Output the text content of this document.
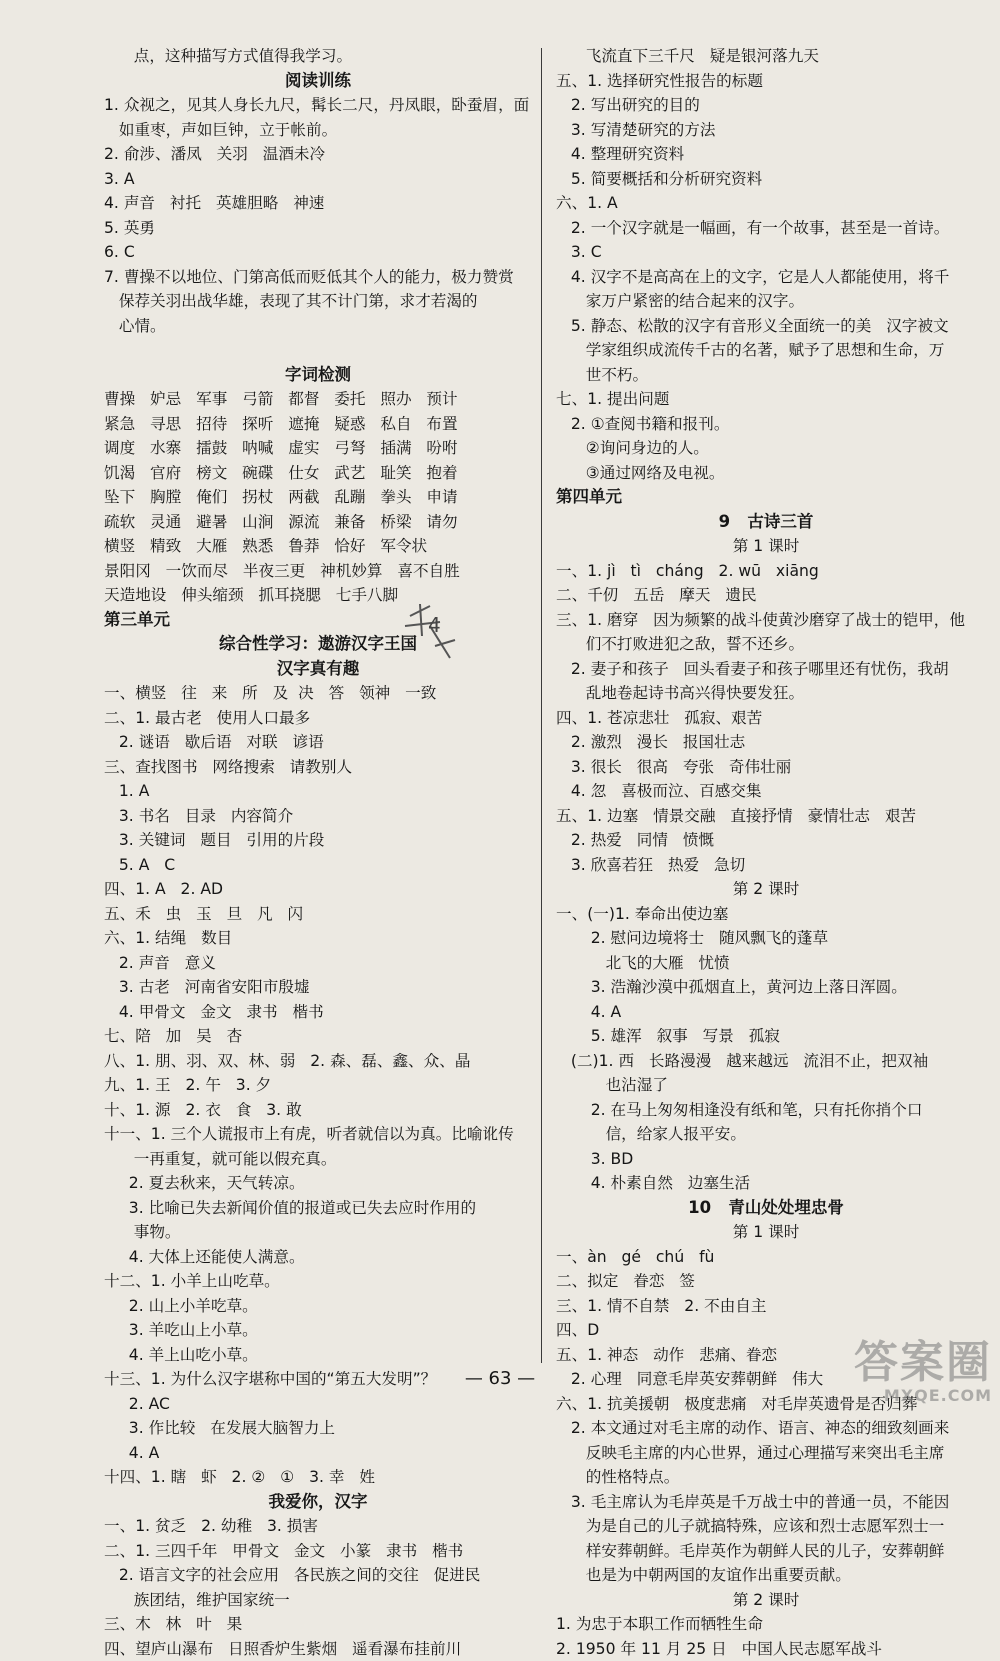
点，这种描写方式值得我学习。
阅读训练
1. 众视之，见其人身长九尺，髯长二尺，丹凤眼，卧蚕眉，面
如重枣，声如巨钟，立于帐前。
2. 俞涉、潘凤   关羽   温酒未冷
3. A
4. 声音   衬托   英雄胆略   神速
5. 英勇
6. C
7. 曹操不以地位、门第高低而贬低其个人的能力，极力赞赏
保荐关羽出战华雄，表现了其不计门第，求才若渴的
心情。
字词检测
曹操   妒忌   军事   弓箭   都督   委托   照办   预计
紧急   寻思   招待   探听   遮掩   疑惑   私自   布置
调度   水寨   擂鼓   呐喊   虚实   弓弩   插满   吩咐
饥渴   官府   榜文   碗碟   仕女   武艺   耻笑   抱着
坠下   胸膛   俺们   拐杖   两截   乱蹦   拳头   申请
疏软   灵通   避暑   山涧   源流   兼备   桥梁   请勿
横竖   精致   大雁   熟悉   鲁莽   恰好   军令状
景阳冈   一饮而尽   半夜三更   神机妙算   喜不自胜
天造地设   伸头缩颈   抓耳挠腮   七手八脚
第三单元
综合性学习：遨游汉字王国
汉字真有趣
一、横竖   往   来   所   及  决   答   领神   一致
二、1. 最古老   使用人口最多
2. 谜语   歇后语   对联   谚语
三、查找图书   网络搜索   请教别人
1. A
3. 书名   目录   内容简介
3. 关键词   题目   引用的片段
5. A   C
四、1. A   2. AD
五、禾   虫   玉   旦   凡   闪
六、1. 结绳   数目
2. 声音   意义
3. 古老   河南省安阳市殷墟
4. 甲骨文   金文   隶书   楷书
七、陪   加   吴   杏
八、1. 朋、羽、双、林、弱   2. 森、磊、鑫、众、晶
九、1. 王   2. 午   3. 夕
十、1. 源   2. 衣   食   3. 敢
十一、1. 三个人谎报市上有虎，听者就信以为真。比喻讹传
一再重复，就可能以假充真。
2. 夏去秋来，天气转凉。
3. 比喻已失去新闻价值的报道或已失去应时作用的
事物。
4. 大体上还能使人满意。
十二、1. 小羊上山吃草。
2. 山上小羊吃草。
3. 羊吃山上小草。
4. 羊上山吃小草。
十三、1. 为什么汉字堪称中国的“第五大发明”？
2. AC
3. 作比较   在发展大脑智力上
4. A
十四、1. 瞎   虾   2. ②   ①   3. 幸   姓
我爱你，汉字
一、1. 贫乏   2. 幼稚   3. 损害
二、1. 三四千年   甲骨文   金文   小篆   隶书   楷书
2. 语言文字的社会应用   各民族之间的交往   促进民
族团结，维护国家统一
三、木   林   叶   果
四、望庐山瀑布   日照香炉生紫烟   遥看瀑布挂前川
飞流直下三千尺   疑是银河落九天
五、1. 选择研究性报告的标题
2. 写出研究的目的
3. 写清楚研究的方法
4. 整理研究资料
5. 简要概括和分析研究资料
六、1. A
2. 一个汉字就是一幅画，有一个故事，甚至是一首诗。
3. C
4. 汉字不是高高在上的文字，它是人人都能使用，将千
家万户紧密的结合起来的汉字。
5. 静态、松散的汉字有音形义全面统一的美   汉字被文
学家组织成流传千古的名著，赋予了思想和生命，万
世不朽。
七、1. 提出问题
2. ①查阅书籍和报刊。
②询问身边的人。
③通过网络及电视。
第四单元
9   古诗三首
第 1 课时
一、1. jì   tì   cháng   2. wū   xiāng
二、千仞   五岳   摩天   遗民
三、1. 磨穿   因为频繁的战斗使黄沙磨穿了战士的铠甲，他
们不打败进犯之敌，誓不还乡。
2. 妻子和孩子   回头看妻子和孩子哪里还有忧伤，我胡
乱地卷起诗书高兴得快要发狂。
四、1. 苍凉悲壮   孤寂、艰苦
2. 激烈   漫长   报国壮志
3. 很长   很高   夸张   奇伟壮丽
4. 忽   喜极而泣、百感交集
五、1. 边塞   情景交融   直接抒情   豪情壮志   艰苦
2. 热爱   同情   愤慨
3. 欣喜若狂   热爱   急切
第 2 课时
一、(一)1. 奉命出使边塞
2. 慰问边境将士   随风飘飞的蓬草
北飞的大雁   忧愤
3. 浩瀚沙漠中孤烟直上，黄河边上落日浑圆。
4. A
5. 雄浑   叙事   写景   孤寂
(二)1. 西   长路漫漫   越来越远   流泪不止，把双袖
也沾湿了
2. 在马上匆匆相逢没有纸和笔，只有托你捎个口
信，给家人报平安。
3. BD
4. 朴素自然   边塞生活
10   青山处处埋忠骨
第 1 课时
一、àn   gé   chú   fù
二、拟定   眷恋   签
三、1. 情不自禁   2. 不由自主
四、D
五、1. 神态   动作   悲痛、眷恋
2. 心理   同意毛岸英安葬朝鲜   伟大
六、1. 抗美援朝   极度悲痛   对毛岸英遗骨是否归葬
2. 本文通过对毛主席的动作、语言、神态的细致刻画来
反映毛主席的内心世界，通过心理描写来突出毛主席
的性格特点。
3. 毛主席认为毛岸英是千万战士中的普通一员，不能因
为是自己的儿子就搞特殊，应该和烈士志愿军烈士一
样安葬朝鲜。毛岸英作为朝鲜人民的儿子，安葬朝鲜
也是为中朝两国的友谊作出重要贡献。
第 2 课时
1. 为忠于本职工作而牺牲生命
2. 1950 年 11 月 25 日   中国人民志愿军战斗
4
— 63 —	答案圈
MXQE.COM
